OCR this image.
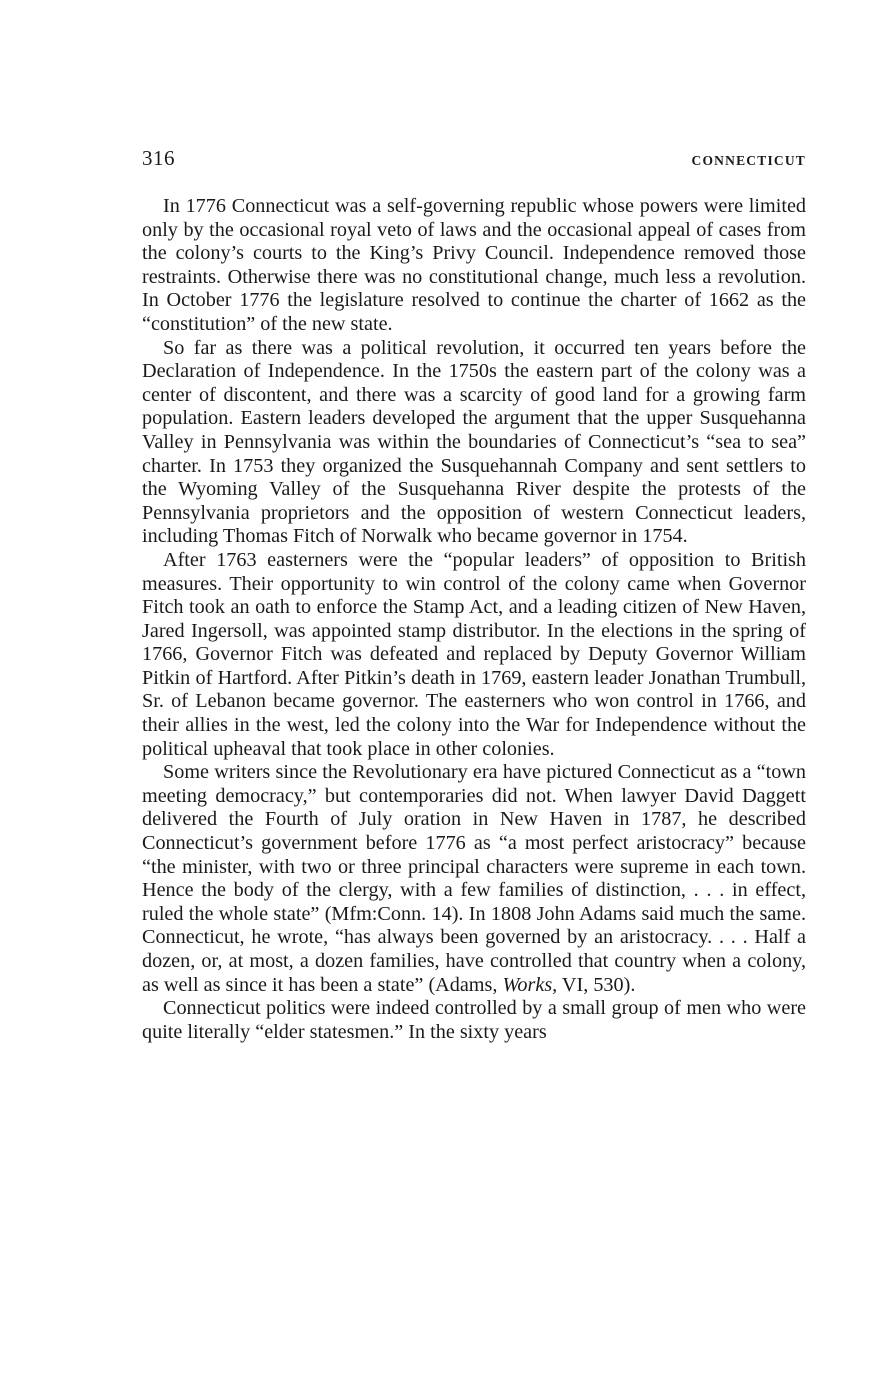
316	CONNECTICUT

In 1776 Connecticut was a self-governing republic whose powers were limited only by the occasional royal veto of laws and the occasional appeal of cases from the colony’s courts to the King’s Privy Council. Independence removed those restraints. Otherwise there was no constitutional change, much less a revolution. In October 1776 the legislature resolved to continue the charter of 1662 as the “constitution” of the new state.

So far as there was a political revolution, it occurred ten years before the Declaration of Independence. In the 1750s the eastern part of the colony was a center of discontent, and there was a scarcity of good land for a growing farm population. Eastern leaders developed the argument that the upper Susquehanna Valley in Pennsylvania was within the boundaries of Connecticut’s “sea to sea” charter. In 1753 they organized the Susquehannah Company and sent settlers to the Wyoming Valley of the Susquehanna River despite the protests of the Pennsylvania proprietors and the opposition of western Connecticut leaders, including Thomas Fitch of Norwalk who became governor in 1754.

After 1763 easterners were the “popular leaders” of opposition to British measures. Their opportunity to win control of the colony came when Governor Fitch took an oath to enforce the Stamp Act, and a leading citizen of New Haven, Jared Ingersoll, was appointed stamp distributor. In the elections in the spring of 1766, Governor Fitch was defeated and replaced by Deputy Governor William Pitkin of Hartford. After Pitkin’s death in 1769, eastern leader Jonathan Trumbull, Sr. of Lebanon became governor. The easterners who won control in 1766, and their allies in the west, led the colony into the War for Independence without the political upheaval that took place in other colonies.

Some writers since the Revolutionary era have pictured Connecticut as a “town meeting democracy,” but contemporaries did not. When lawyer David Daggett delivered the Fourth of July oration in New Haven in 1787, he described Connecticut’s government before 1776 as “a most perfect aristocracy” because “the minister, with two or three principal characters were supreme in each town. Hence the body of the clergy, with a few families of distinction, . . . in effect, ruled the whole state” (Mfm:Conn. 14). In 1808 John Adams said much the same. Connecticut, he wrote, “has always been governed by an aristocracy. . . . Half a dozen, or, at most, a dozen families, have controlled that country when a colony, as well as since it has been a state” (Adams, Works, VI, 530).

Connecticut politics were indeed controlled by a small group of men who were quite literally “elder statesmen.” In the sixty years
